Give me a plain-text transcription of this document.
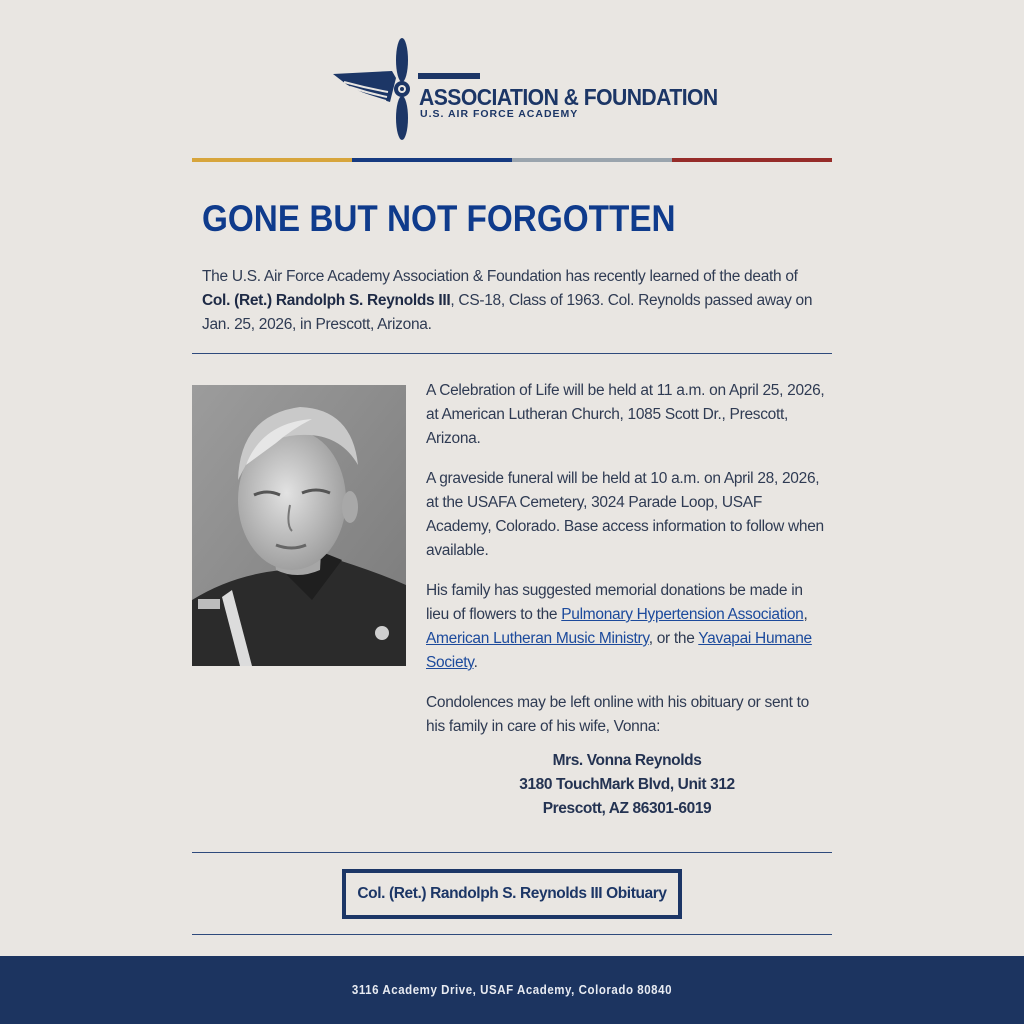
ASSOCIATION & FOUNDATION
U.S. AIR FORCE ACADEMY
GONE BUT NOT FORGOTTEN

The U.S. Air Force Academy Association & Foundation has recently learned of the death of Col. (Ret.) Randolph S. Reynolds III, CS-18, Class of 1963. Col. Reynolds passed away on Jan. 25, 2026, in Prescott, Arizona.

A Celebration of Life will be held at 11 a.m. on April 25, 2026, at American Lutheran Church, 1085 Scott Dr., Prescott, Arizona.

A graveside funeral will be held at 10 a.m. on April 28, 2026, at the USAFA Cemetery, 3024 Parade Loop, USAF Academy, Colorado. Base access information to follow when available.

His family has suggested memorial donations be made in lieu of flowers to the Pulmonary Hypertension Association, American Lutheran Music Ministry, or the Yavapai Humane Society.

Condolences may be left online with his obituary or sent to his family in care of his wife, Vonna:

Mrs. Vonna Reynolds
3180 TouchMark Blvd, Unit 312
Prescott, AZ 86301-6019
Col. (Ret.) Randolph S. Reynolds III Obituary
3116 Academy Drive, USAF Academy, Colorado 80840
